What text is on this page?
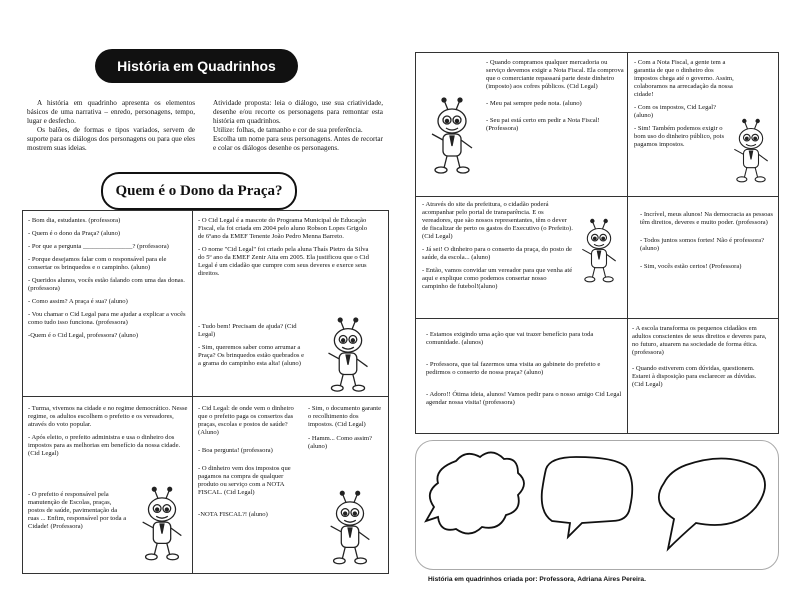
História em Quadrinhos

A história em quadrinho apresenta os elementos básicos de uma narrativa – enredo, personagens, tempo, lugar e desfecho.

Os balões, de formas e tipos variados, servem de suporte para os diálogos dos personagens ou para que eles mostrem suas ideias.

Atividade proposta: leia o diálogo, use sua criatividade, desenhe e/ou recorte os personagens para remontar esta história em quadrinhos.

Utilize: folhas, de tamanho e cor de sua preferência.

Escolha um nome para seus personagens. Antes de recortar e colar os diálogos desenhe os personagens.

Quem é o Dono da Praça?

- Bom dia, estudantes. (professora)

- Quem é o dono da Praça? (aluno)

- Por que a pergunta _______________? (professora)

- Porque desejamos falar com o responsável para ele consertar os brinquedos e o campinho. (aluno)

- Queridos alunos, vocês estão falando com uma das donas. (professora)

- Como assim? A praça é sua? (aluno)

- Vou chamar o Cid Legal para me ajudar a explicar a vocês como tudo isso funciona. (professora)

-Quem é o Cid Legal, professora? (aluno)

- O Cid Legal é a mascote do Programa Municipal de Educação Fiscal, ela foi criada em 2004 pelo aluno Robson Lopes Grigolo de 6ºano da EMEF Tenente João Pedro Menna Barreto.

- O nome "Cid Legal" foi criado pela aluna Thaís Pietro da Silva do 5º ano da EMEF Zenir Aita em 2005. Ela justificou que o Cid Legal é um cidadão que cumpre com seus deveres e exerce seus direitos.

- Tudo bem! Precisam de ajuda? (Cid Legal)

- Sim, queremos saber como arrumar a Praça? Os brinquedos estão quebrados e a grama do campinho esta alta! (aluno)

- Turma, vivemos na cidade e no regime democrático. Nesse regime, os adultos escolhem o prefeito e os vereadores, através do voto popular.

- Após eleito, o prefeito administra e usa o dinheiro dos impostos para as melhorias em benefício da nossa cidade. (Cid Legal)

- O prefeito é responsável pela manutenção de Escolas, praças, postos de saúde, pavimentação da ruas ... Enfim, responsável por toda a Cidade! (Professora)

- Cid Legal: de onde vem o dinheiro que o prefeito paga os consertos das praças, escolas e postos de saúde? (Aluno)

- Boa pergunta! (professora)

- O dinheiro vem dos impostos que pagamos na compra de qualquer produto ou serviço com a NOTA FISCAL. (Cid Legal)

-NOTA FISCAL?! (aluno)

- Sim, o documento garante o recolhimento dos impostos. (Cid Legal)

- Hamm... Como assim? (aluno)

- Quando compramos qualquer mercadoria ou serviço devemos exigir a Nota Fiscal. Ela comprova que o comerciante repassará parte deste dinheiro (imposto) aos cofres públicos. (Cid Legal)

- Meu pai sempre pede nota. (aluno)

- Seu pai está certo em pedir a Nota Fiscal! (Professora)

- Com a Nota Fiscal, a gente tem a garantia de que o dinheiro dos impostos chega até o governo. Assim, colaboramos na arrecadação da nossa cidade!

- Com os impostos, Cid Legal? (aluno)

- Sim! Também podemos exigir o bom uso do dinheiro público, pois pagamos impostos.

- Através do site da prefeitura, o cidadão poderá acompanhar pelo portal de transparência. E os vereadores, que são nossos representantes, têm o dever de fiscalizar de perto os gastos do Executivo (o Prefeito). (Cid Legal)

- Já sei! O dinheiro para o conserto da praça, do posto de saúde, da escola... (aluno)

- Então, vamos convidar um vereador para que venha até aqui e explique como podemos consertar nosso campinho de futebol!(aluno)

- Incrível, meus alunos! Na democracia as pessoas têm direitos, deveres e muito poder. (professora)

- Todos juntos somos fortes! Não é professora? (aluno)

- Sim, vocês estão certos! (Professora)

- Estamos exigindo uma ação que vai trazer benefício para toda comunidade. (alunos)

- Professora, que tal fazermos uma visita ao gabinete do prefeito e pedirmos o conserto de nossa praça? (aluno)

- Adoro!! Ótima ideia, alunos! Vamos pedir para o nosso amigo Cid Legal agendar nossa visita! (professora)

- A escola transforma os pequenos cidadãos em adultos conscientes de seus direitos e deveres para, no futuro, atuarem na sociedade de forma ética. (professora)

- Quando estiverem com dúvidas, questionem. Estarei à disposição para esclarecer as dúvidas. (Cid Legal)

História em quadrinhos criada por: Professora, Adriana Aires Pereira.
